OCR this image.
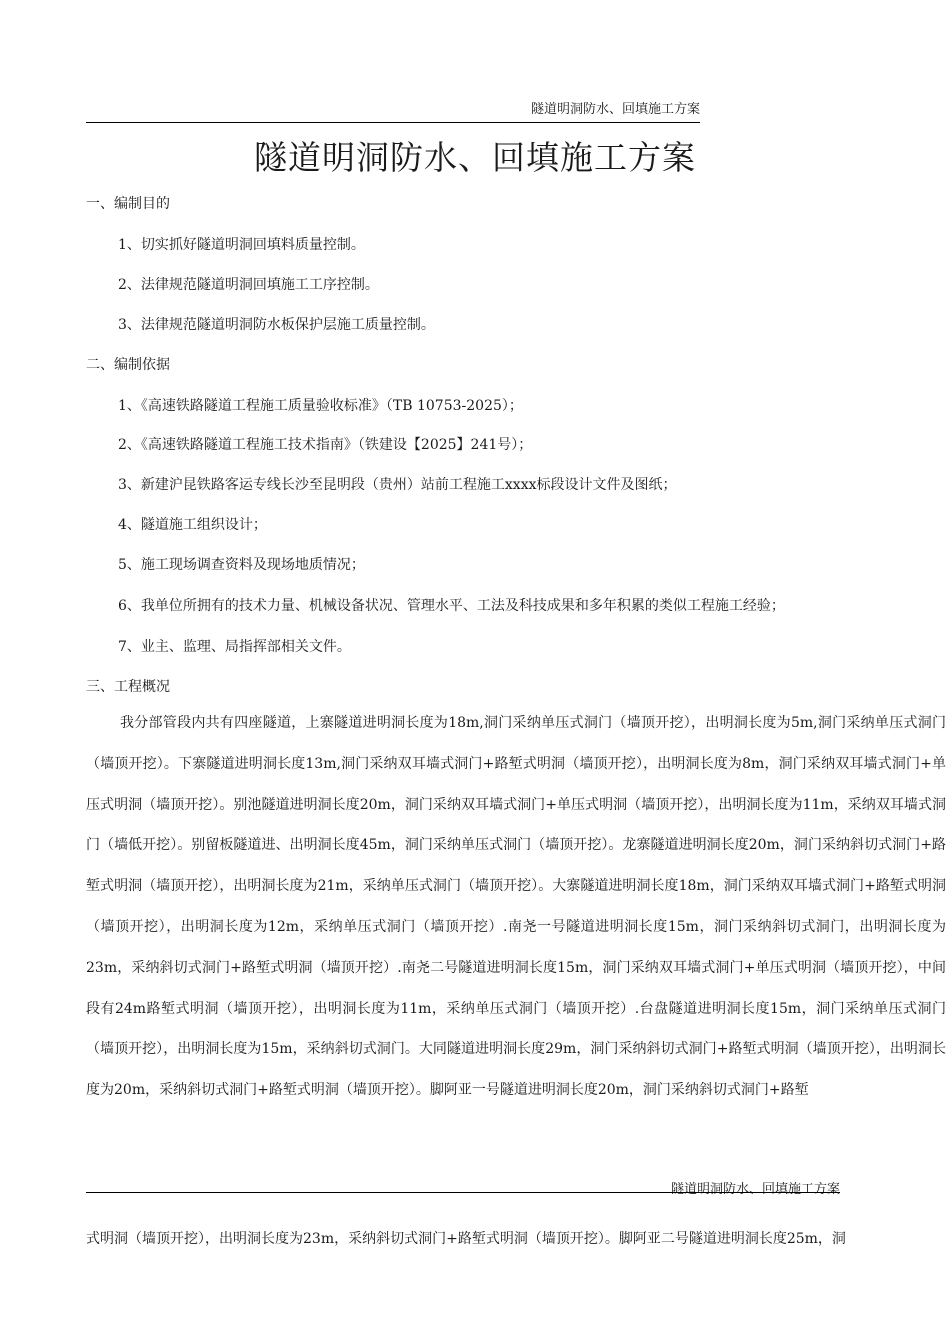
隧道明洞防水、回填施工方案
隧道明洞防水、回填施工方案
一、编制目的
1、切实抓好隧道明洞回填料质量控制。
2、法律规范隧道明洞回填施工工序控制。
3、法律规范隧道明洞防水板保护层施工质量控制。
二、编制依据
1、《高速铁路隧道工程施工质量验收标准》（TB 10753-2025）；
2、《高速铁路隧道工程施工技术指南》（铁建设【2025】241号）；
3、新建沪昆铁路客运专线长沙至昆明段（贵州）站前工程施工xxxx标段设计文件及图纸；
4、隧道施工组织设计；
5、施工现场调查资料及现场地质情况；
6、我单位所拥有的技术力量、机械设备状况、管理水平、工法及科技成果和多年积累的类似工程施工经验；
7、业主、监理、局指挥部相关文件。
三、工程概况
我分部管段内共有四座隧道，上寨隧道进明洞长度为18m,洞门采纳单压式洞门（墙顶开挖），出明洞长度为5m,洞门采纳单压式洞门（墙顶开挖）。下寨隧道进明洞长度13m,洞门采纳双耳墙式洞门+路堑式明洞（墙顶开挖），出明洞长度为8m，洞门采纳双耳墙式洞门+单压式明洞（墙顶开挖）。别池隧道进明洞长度20m，洞门采纳双耳墙式洞门+单压式明洞（墙顶开挖），出明洞长度为11m，采纳双耳墙式洞门（墙低开挖）。别留板隧道进、出明洞长度45m，洞门采纳单压式洞门（墙顶开挖）。龙寨隧道进明洞长度20m，洞门采纳斜切式洞门+路堑式明洞（墙顶开挖），出明洞长度为21m，采纳单压式洞门（墙顶开挖）。大寨隧道进明洞长度18m，洞门采纳双耳墙式洞门+路堑式明洞（墙顶开挖），出明洞长度为12m，采纳单压式洞门（墙顶开挖）.南尧一号隧道进明洞长度15m，洞门采纳斜切式洞门，出明洞长度为23m，采纳斜切式洞门+路堑式明洞（墙顶开挖）.南尧二号隧道进明洞长度15m，洞门采纳双耳墙式洞门+单压式明洞（墙顶开挖），中间段有24m路堑式明洞（墙顶开挖），出明洞长度为11m，采纳单压式洞门（墙顶开挖）.台盘隧道进明洞长度15m，洞门采纳单压式洞门（墙顶开挖），出明洞长度为15m，采纳斜切式洞门。大同隧道进明洞长度29m，洞门采纳斜切式洞门+路堑式明洞（墙顶开挖），出明洞长度为20m，采纳斜切式洞门+路堑式明洞（墙顶开挖）。脚阿亚一号隧道进明洞长度20m，洞门采纳斜切式洞门+路堑
隧道明洞防水、回填施工方案
式明洞（墙顶开挖），出明洞长度为23m，采纳斜切式洞门+路堑式明洞（墙顶开挖）。脚阿亚二号隧道进明洞长度25m，洞
